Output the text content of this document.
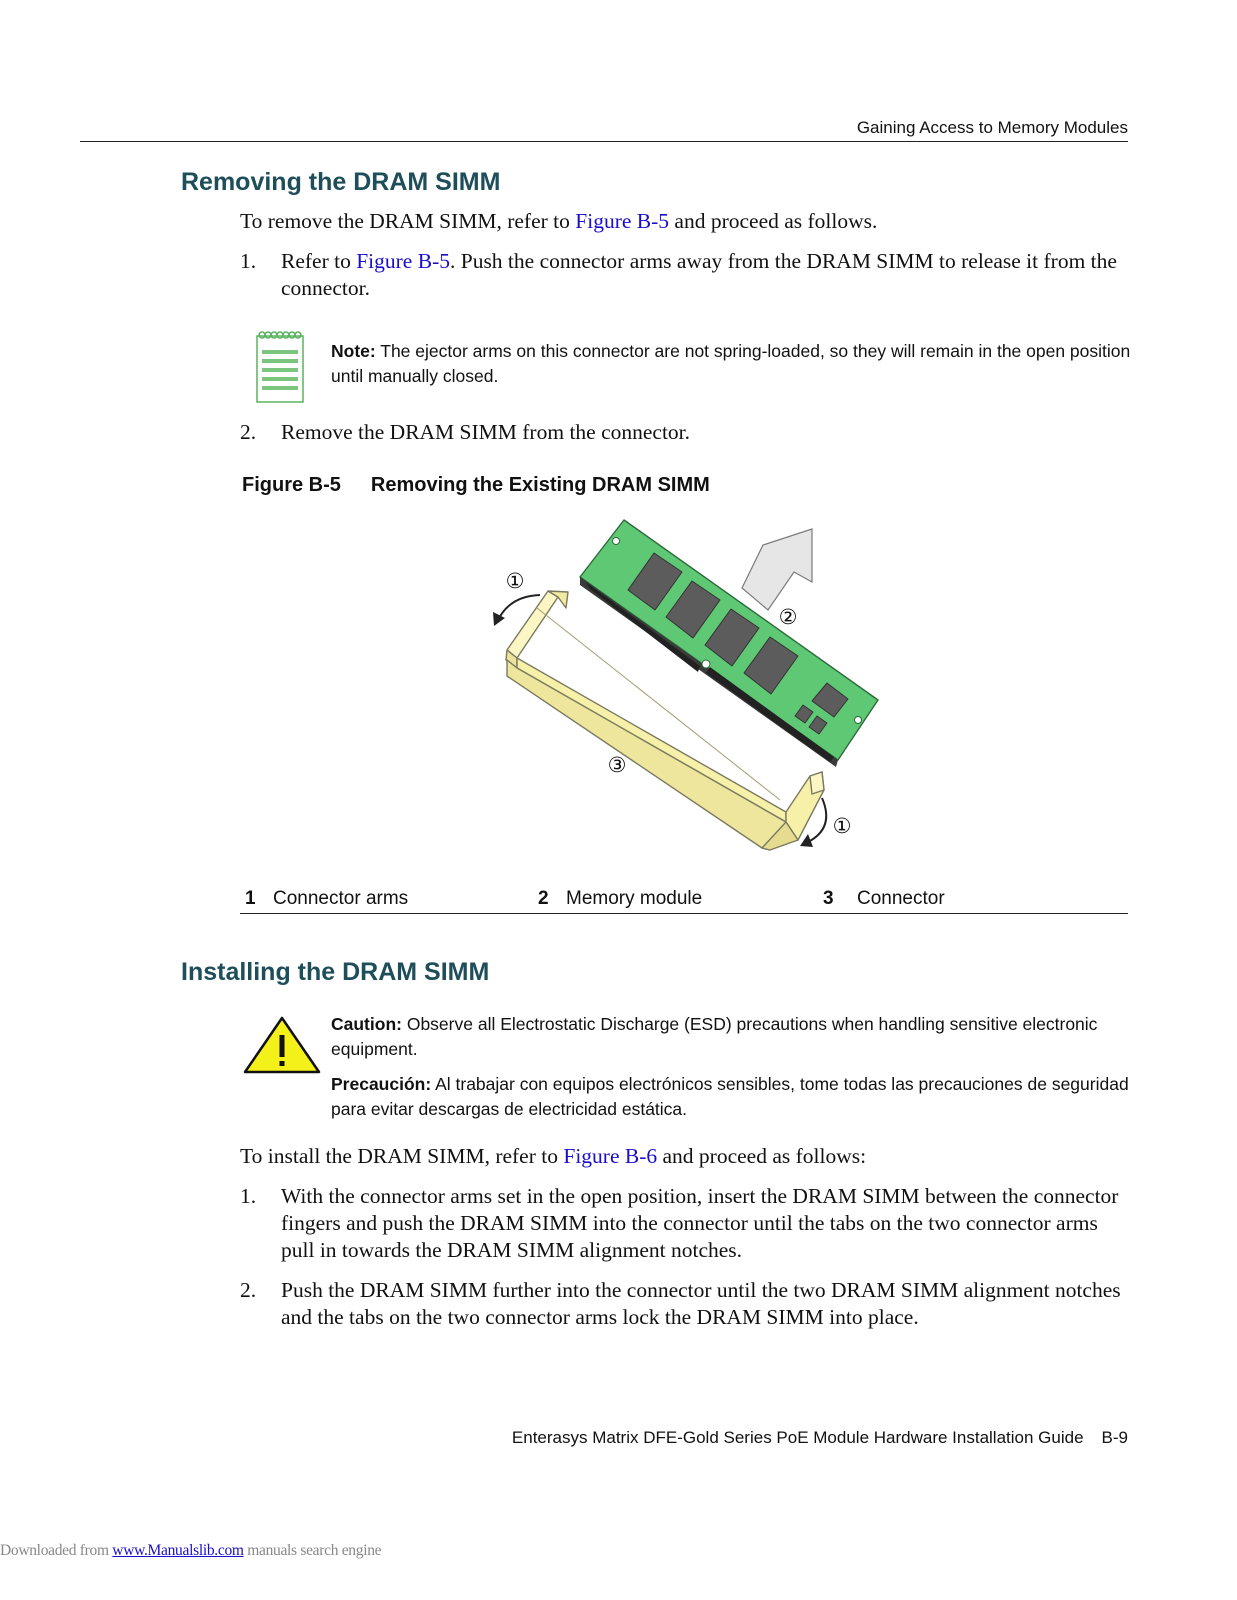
Gaining Access to Memory Modules
Removing the DRAM SIMM
To remove the DRAM SIMM, refer to Figure B-5 and proceed as follows.
1. Refer to Figure B-5. Push the connector arms away from the DRAM SIMM to release it from the connector.
Note: The ejector arms on this connector are not spring-loaded, so they will remain in the open position until manually closed.
2. Remove the DRAM SIMM from the connector.
Figure B-5 Removing the Existing DRAM SIMM
①
②
③
①
1 Connector arms	2 Memory module	3 Connector
Installing the DRAM SIMM
Caution: Observe all Electrostatic Discharge (ESD) precautions when handling sensitive electronic equipment.
Precaución: Al trabajar con equipos electrónicos sensibles, tome todas las precauciones de seguridad para evitar descargas de electricidad estática.
To install the DRAM SIMM, refer to Figure B-6 and proceed as follows:
1. With the connector arms set in the open position, insert the DRAM SIMM between the connector fingers and push the DRAM SIMM into the connector until the tabs on the two connector arms pull in towards the DRAM SIMM alignment notches.
2. Push the DRAM SIMM further into the connector until the two DRAM SIMM alignment notches and the tabs on the two connector arms lock the DRAM SIMM into place.
Enterasys Matrix DFE-Gold Series PoE Module Hardware Installation Guide B-9
Downloaded from www.Manualslib.com manuals search engine
